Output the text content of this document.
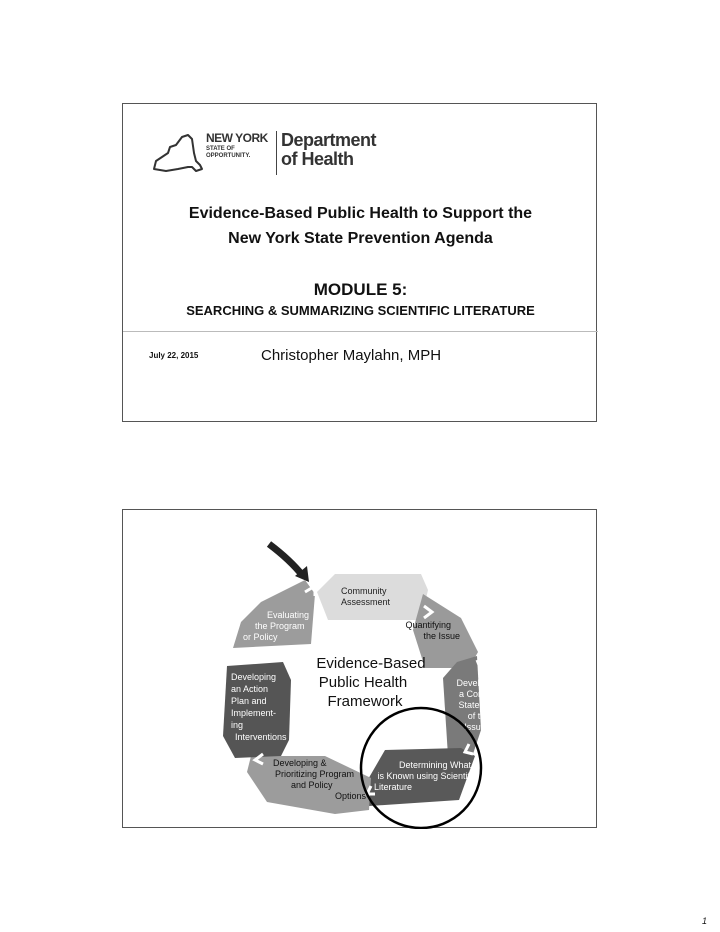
NEW YORK
STATE OF
OPPORTUNITY.
Department
of Health
Evidence-Based Public Health to Support the
New York State Prevention Agenda
MODULE 5:
SEARCHING & SUMMARIZING SCIENTIFIC LITERATURE
July 22, 2015	Christopher Maylahn, MPH
Community Assessment
Quantifying the Issue
Developing a Concise Statement of the Issue
Determining What is Known using Scientific Literature
Developing & Prioritizing Program and PolicyOptions
Developing an Action Plan and Implement-ing Interventions
Evaluating the Program or Policy
Evidence-Based Public Health Framework
1
